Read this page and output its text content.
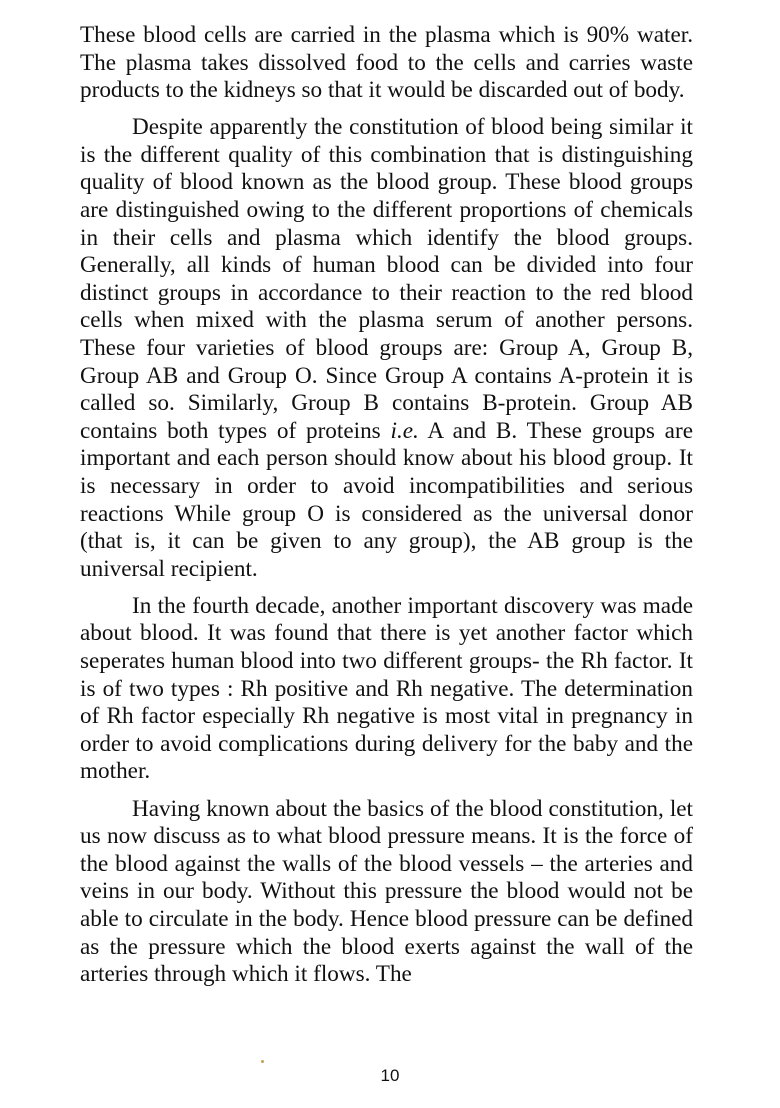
These blood cells are carried in the plasma which is 90% water. The plasma takes dissolved food to the cells and carries waste products to the kidneys so that it would be discarded out of body.

Despite apparently the constitution of blood being similar it is the different quality of this combination that is distinguishing quality of blood known as the blood group. These blood groups are distinguished owing to the different proportions of chemicals in their cells and plasma which identify the blood groups. Generally, all kinds of human blood can be divided into four distinct groups in accordance to their reaction to the red blood cells when mixed with the plasma serum of another persons. These four varieties of blood groups are: Group A, Group B, Group AB and Group O. Since Group A contains A-protein it is called so. Similarly, Group B contains B-protein. Group AB contains both types of proteins i.e. A and B. These groups are important and each person should know about his blood group. It is necessary in order to avoid incompatibilities and serious reactions While group O is considered as the universal donor (that is, it can be given to any group), the AB group is the universal recipient.

In the fourth decade, another important discovery was made about blood. It was found that there is yet another factor which seperates human blood into two different groups- the Rh factor. It is of two types : Rh positive and Rh negative. The determination of Rh factor especially Rh negative is most vital in pregnancy in order to avoid complications during delivery for the baby and the mother.

Having known about the basics of the blood constitution, let us now discuss as to what blood pressure means. It is the force of the blood against the walls of the blood vessels – the arteries and veins in our body. Without this pressure the blood would not be able to circulate in the body. Hence blood pressure can be defined as the pressure which the blood exerts against the wall of the arteries through which it flows. The

10
